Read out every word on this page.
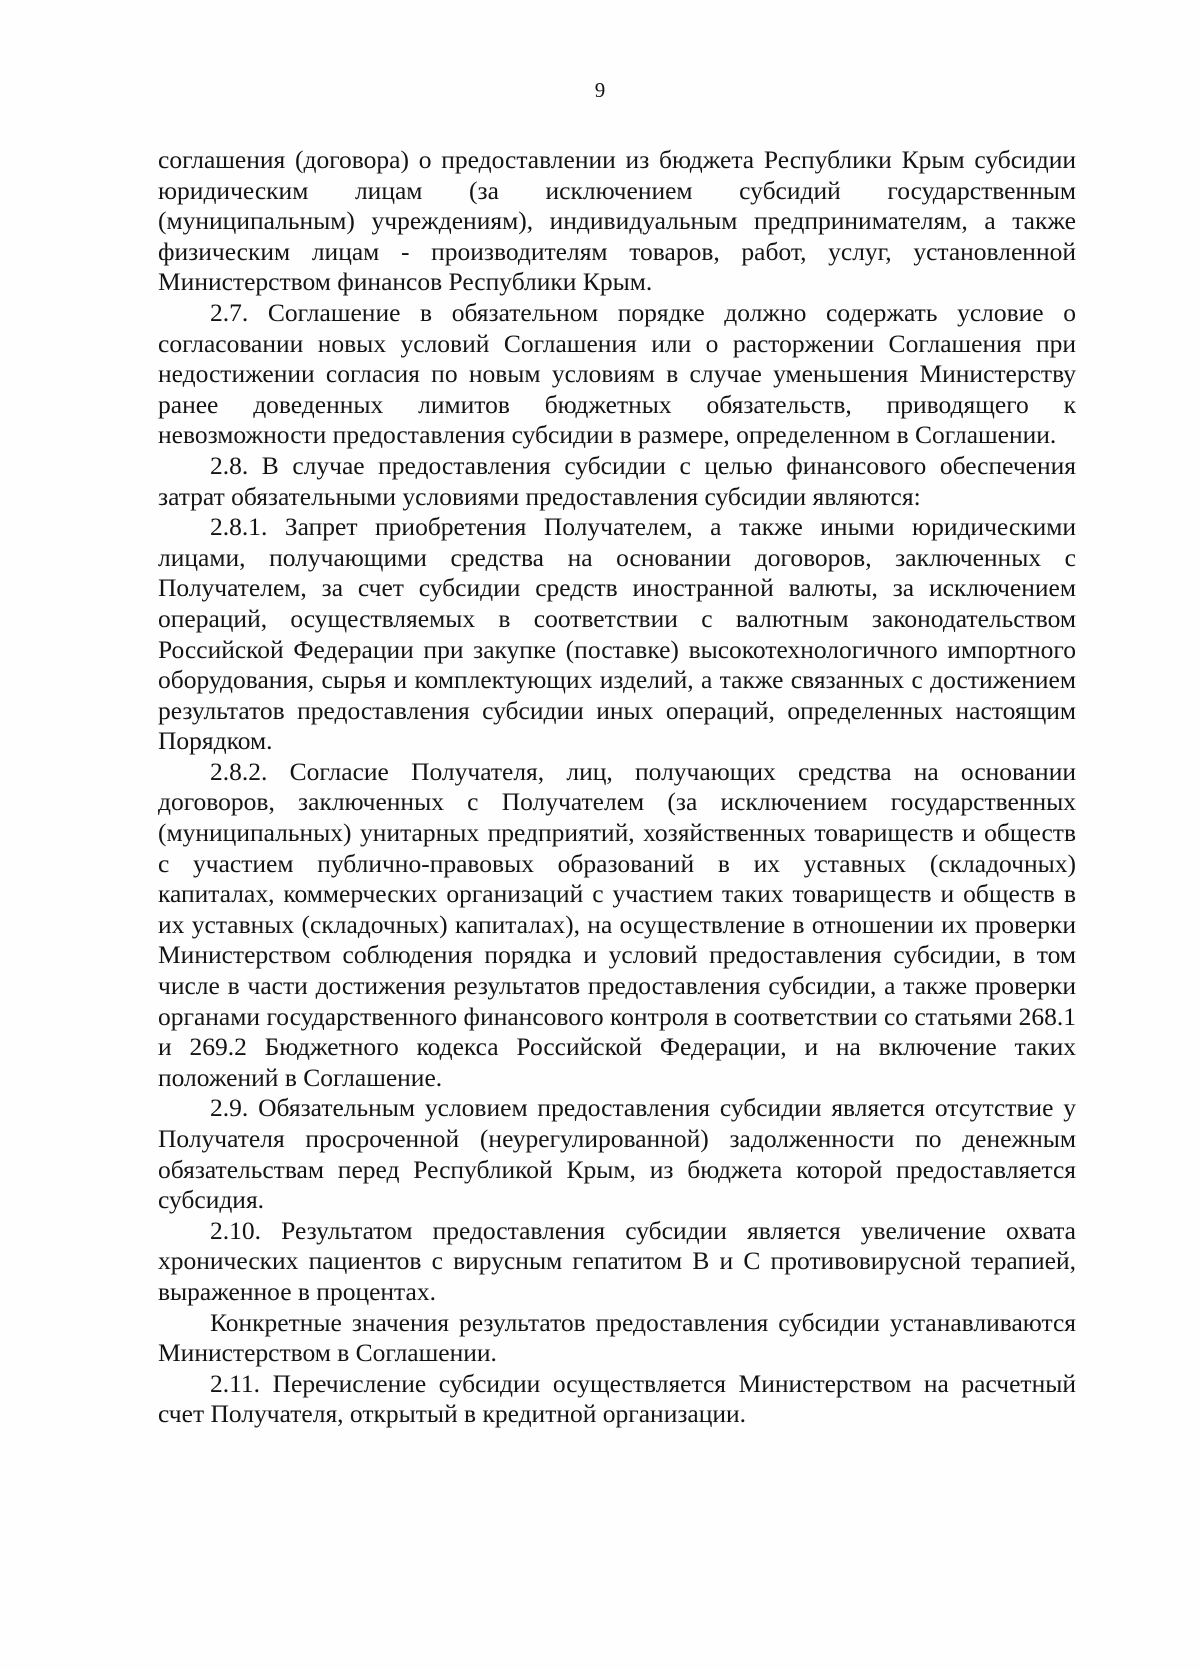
9

соглашения (договора) о предоставлении из бюджета Республики Крым субсидии юридическим лицам (за исключением субсидий государственным (муниципальным) учреждениям), индивидуальным предпринимателям, а также физическим лицам - производителям товаров, работ, услуг, установленной Министерством финансов Республики Крым.

2.7. Соглашение в обязательном порядке должно содержать условие о согласовании новых условий Соглашения или о расторжении Соглашения при недостижении согласия по новым условиям в случае уменьшения Министерству ранее доведенных лимитов бюджетных обязательств, приводящего к невозможности предоставления субсидии в размере, определенном в Соглашении.

2.8. В случае предоставления субсидии с целью финансового обеспечения затрат обязательными условиями предоставления субсидии являются:

2.8.1. Запрет приобретения Получателем, а также иными юридическими лицами, получающими средства на основании договоров, заключенных с Получателем, за счет субсидии средств иностранной валюты, за исключением операций, осуществляемых в соответствии с валютным законодательством Российской Федерации при закупке (поставке) высокотехнологичного импортного оборудования, сырья и комплектующих изделий, а также связанных с достижением результатов предоставления субсидии иных операций, определенных настоящим Порядком.

2.8.2. Согласие Получателя, лиц, получающих средства на основании договоров, заключенных с Получателем (за исключением государственных (муниципальных) унитарных предприятий, хозяйственных товариществ и обществ с участием публично-правовых образований в их уставных (складочных) капиталах, коммерческих организаций с участием таких товариществ и обществ в их уставных (складочных) капиталах), на осуществление в отношении их проверки Министерством соблюдения порядка и условий предоставления субсидии, в том числе в части достижения результатов предоставления субсидии, а также проверки органами государственного финансового контроля в соответствии со статьями 268.1 и 269.2 Бюджетного кодекса Российской Федерации, и на включение таких положений в Соглашение.

2.9. Обязательным условием предоставления субсидии является отсутствие у Получателя просроченной (неурегулированной) задолженности по денежным обязательствам перед Республикой Крым, из бюджета которой предоставляется субсидия.

2.10. Результатом предоставления субсидии является увеличение охвата хронических пациентов с вирусным гепатитом В и С противовирусной терапией, выраженное в процентах.

Конкретные значения результатов предоставления субсидии устанавливаются Министерством в Соглашении.

2.11. Перечисление субсидии осуществляется Министерством на расчетный счет Получателя, открытый в кредитной организации.
